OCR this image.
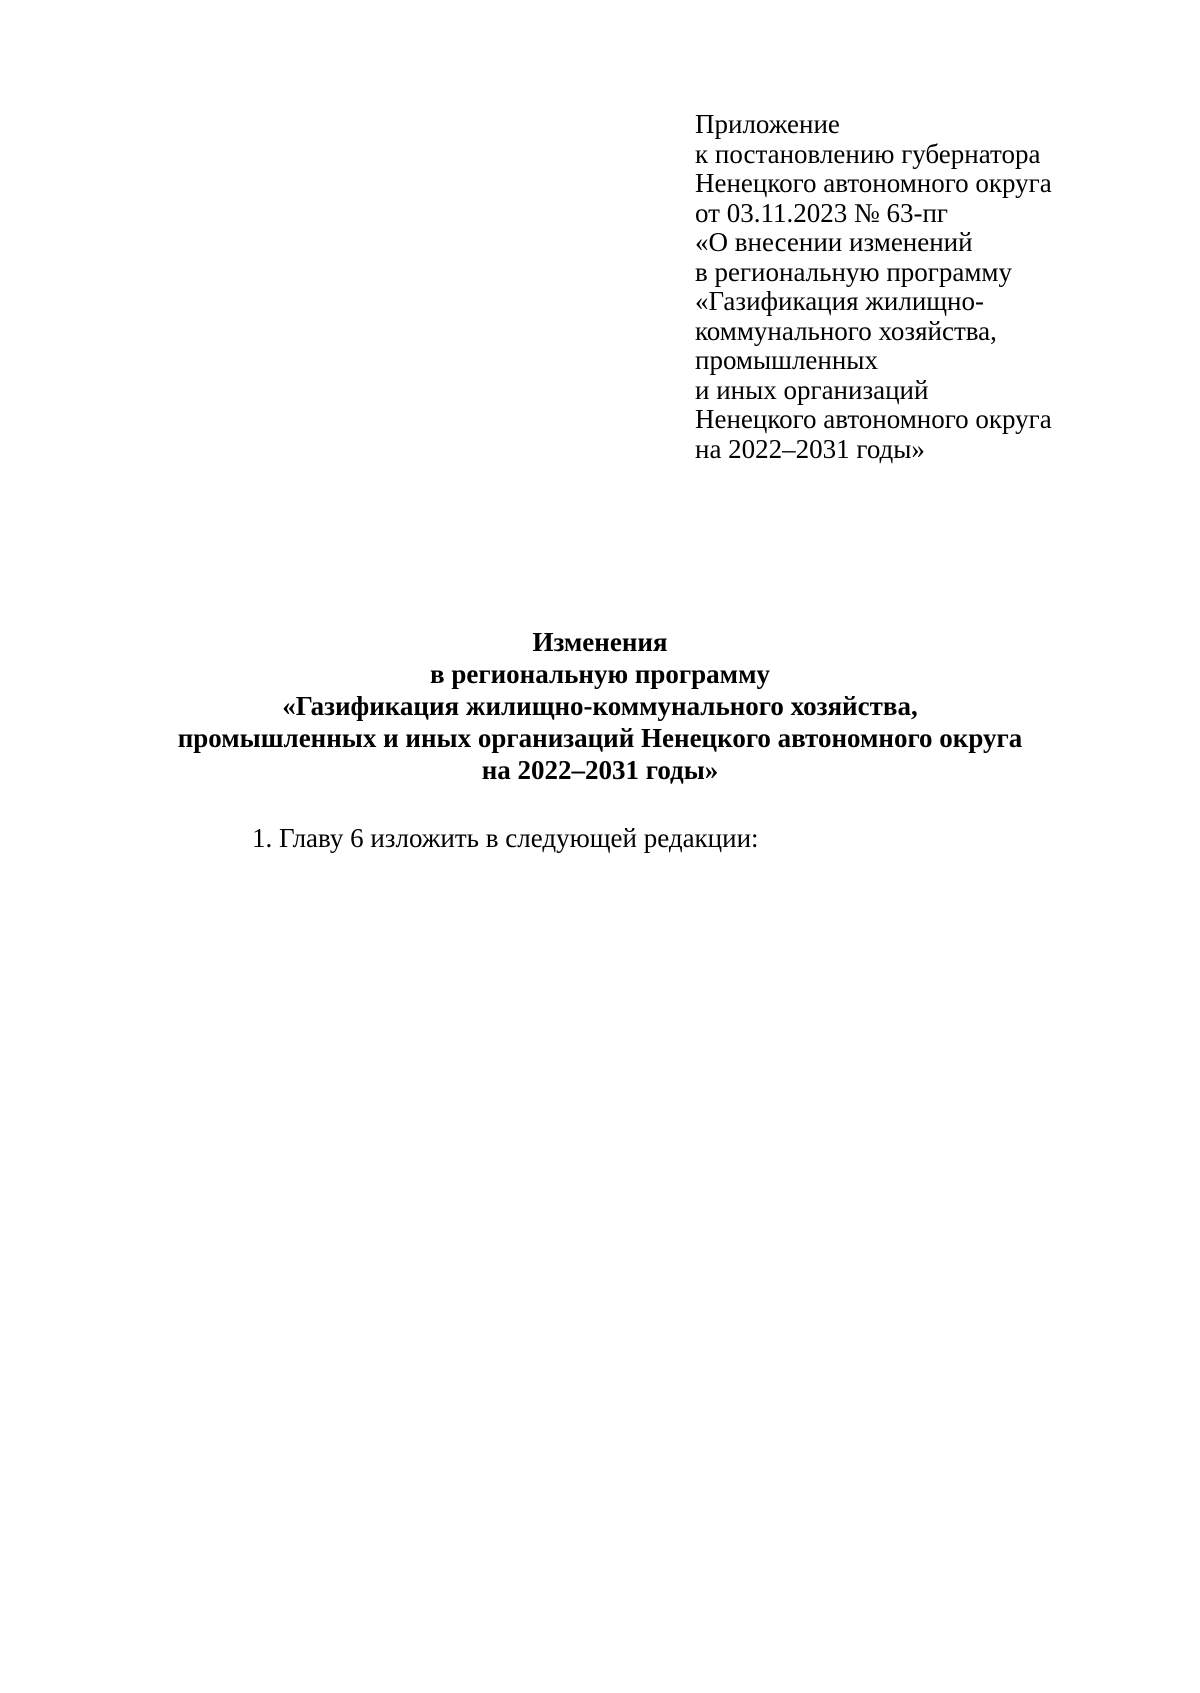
Приложение
к постановлению губернатора
Ненецкого автономного округа
от 03.11.2023 № 63-пг
«О внесении изменений
в региональную программу
«Газификация жилищно-
коммунального хозяйства,
промышленных
и иных организаций
Ненецкого автономного округа
на 2022–2031 годы»
Изменения
в региональную программу
«Газификация жилищно-коммунального хозяйства,
промышленных и иных организаций Ненецкого автономного округа
на 2022–2031 годы»

1. Главу 6 изложить в следующей редакции:
